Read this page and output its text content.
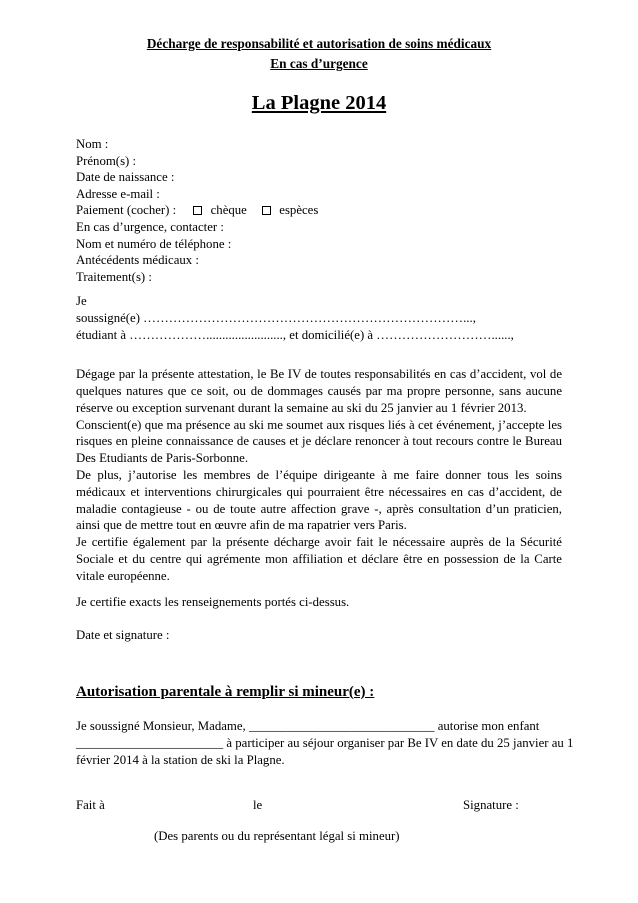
Décharge de responsabilité et autorisation de soins médicaux
En cas d’urgence
La Plagne 2014
Nom :
Prénom(s) :
Date de naissance :
Adresse e-mail :
Paiement (cocher) :	chèque	espèces
En cas d’urgence, contacter :
Nom et numéro de téléphone :
Antécédents médicaux :
Traitement(s) :
Je
soussigné(e) …………………………………………………………………...,
étudiant à ………………........................, et domicilié(e) à ………………………......,

Dégage par la présente attestation, le Be IV de toutes responsabilités en cas d’accident, vol de quelques natures que ce soit, ou de dommages causés par ma propre personne, sans aucune réserve ou exception survenant durant la semaine au ski du 25 janvier au 1 février 2013.

Conscient(e) que ma présence au ski me soumet aux risques liés à cet événement, j’accepte les risques en pleine connaissance de causes et je déclare renoncer à tout recours contre le Bureau Des Etudiants de Paris-Sorbonne.

De plus, j’autorise les membres de l’équipe dirigeante à me faire donner tous les soins médicaux et interventions chirurgicales qui pourraient être nécessaires en cas d’accident, de maladie contagieuse - ou de toute autre affection grave -, après consultation d’un praticien, ainsi que de mettre tout en œuvre afin de ma rapatrier vers Paris.

Je certifie également par la présente décharge avoir fait le nécessaire auprès de la Sécurité Sociale et du centre qui agrémente mon affiliation et déclare être en possession de la Carte vitale européenne.

Je certifie exacts les renseignements portés ci-dessus.
Date et signature :
Autorisation parentale à remplir si mineur(e) :
Je soussigné Monsieur, Madame, _____________________________ autorise mon enfant
_______________________ à participer au séjour organiser par Be IV en date du 25 janvier au 1
février 2014 à la station de ski la Plagne.
Fait à	le	Signature :
(Des parents ou du représentant légal si mineur)
